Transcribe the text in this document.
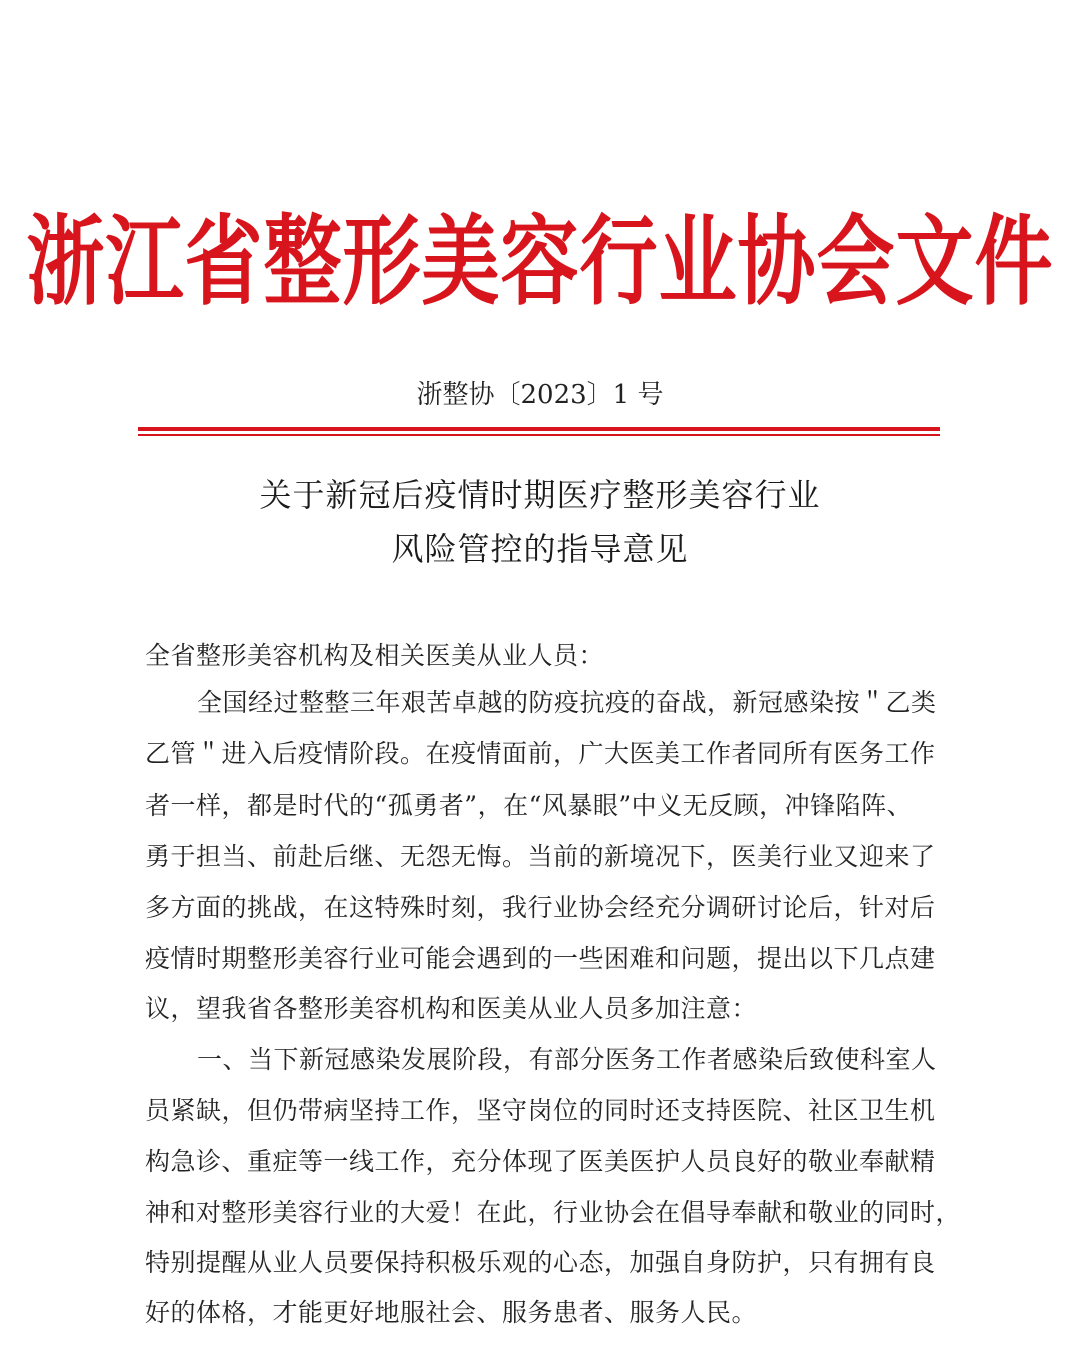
浙江省整形美容行业协会文件
浙整协〔2023〕1 号
关于新冠后疫情时期医疗整形美容行业
风险管控的指导意见
全省整形美容机构及相关医美从业人员：
全国经过整整三年艰苦卓越的防疫抗疫的奋战，新冠感染按＂乙类
乙管＂进入后疫情阶段。在疫情面前，广大医美工作者同所有医务工作
者一样，都是时代的“孤勇者”，在“风暴眼”中义无反顾，冲锋陷阵、
勇于担当、前赴后继、无怨无悔。当前的新境况下，医美行业又迎来了
多方面的挑战，在这特殊时刻，我行业协会经充分调研讨论后，针对后
疫情时期整形美容行业可能会遇到的一些困难和问题，提出以下几点建
议，望我省各整形美容机构和医美从业人员多加注意：
一、当下新冠感染发展阶段，有部分医务工作者感染后致使科室人
员紧缺，但仍带病坚持工作，坚守岗位的同时还支持医院、社区卫生机
构急诊、重症等一线工作，充分体现了医美医护人员良好的敬业奉献精
神和对整形美容行业的大爱！在此，行业协会在倡导奉献和敬业的同时，
特别提醒从业人员要保持积极乐观的心态，加强自身防护，只有拥有良
好的体格，才能更好地服社会、服务患者、服务人民。
